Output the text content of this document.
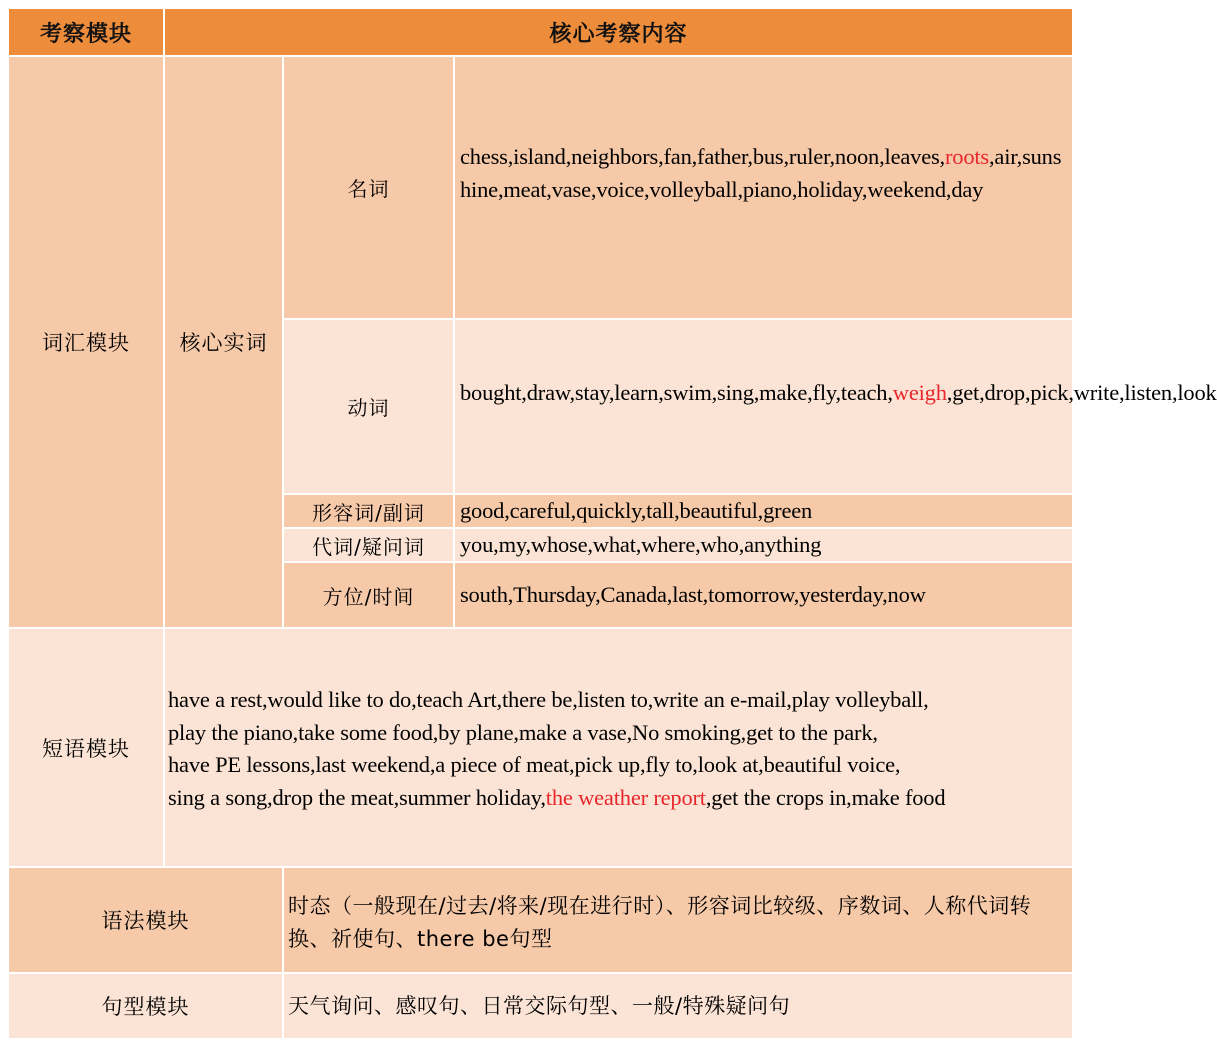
考察模块	核心考察内容
词汇模块 核心实词
名词
chess,island,neighbors,fan,father,bus,ruler,noon,leaves,roots,air,sunshine,meat,vase,voice,volleyball,piano,holiday,weekend,day
动词
bought,draw,stay,learn,swim,sing,make,fly,teach,weigh,get,drop,pick,write,listen,look
形容词/副词 good,careful,quickly,tall,beautiful,green
代词/疑问词 you,my,whose,what,where,who,anything
方位/时间 south,Thursday,Canada,last,tomorrow,yesterday,now
短语模块
have a rest,would like to do,teach Art,there be,listen to,write an e-mail,play volleyball,
play the piano,take some food,by plane,make a vase,No smoking,get to the park,
have PE lessons,last weekend,a piece of meat,pick up,fly to,look at,beautiful voice,
sing a song,drop the meat,summer holiday,the weather report,get the crops in,make food
语法模块
时态（一般现在/过去/将来/现在进行时）、形容词比较级、序数词、人称代词转换、祈使句、there be句型
句型模块	天气询问、感叹句、日常交际句型、一般/特殊疑问句
